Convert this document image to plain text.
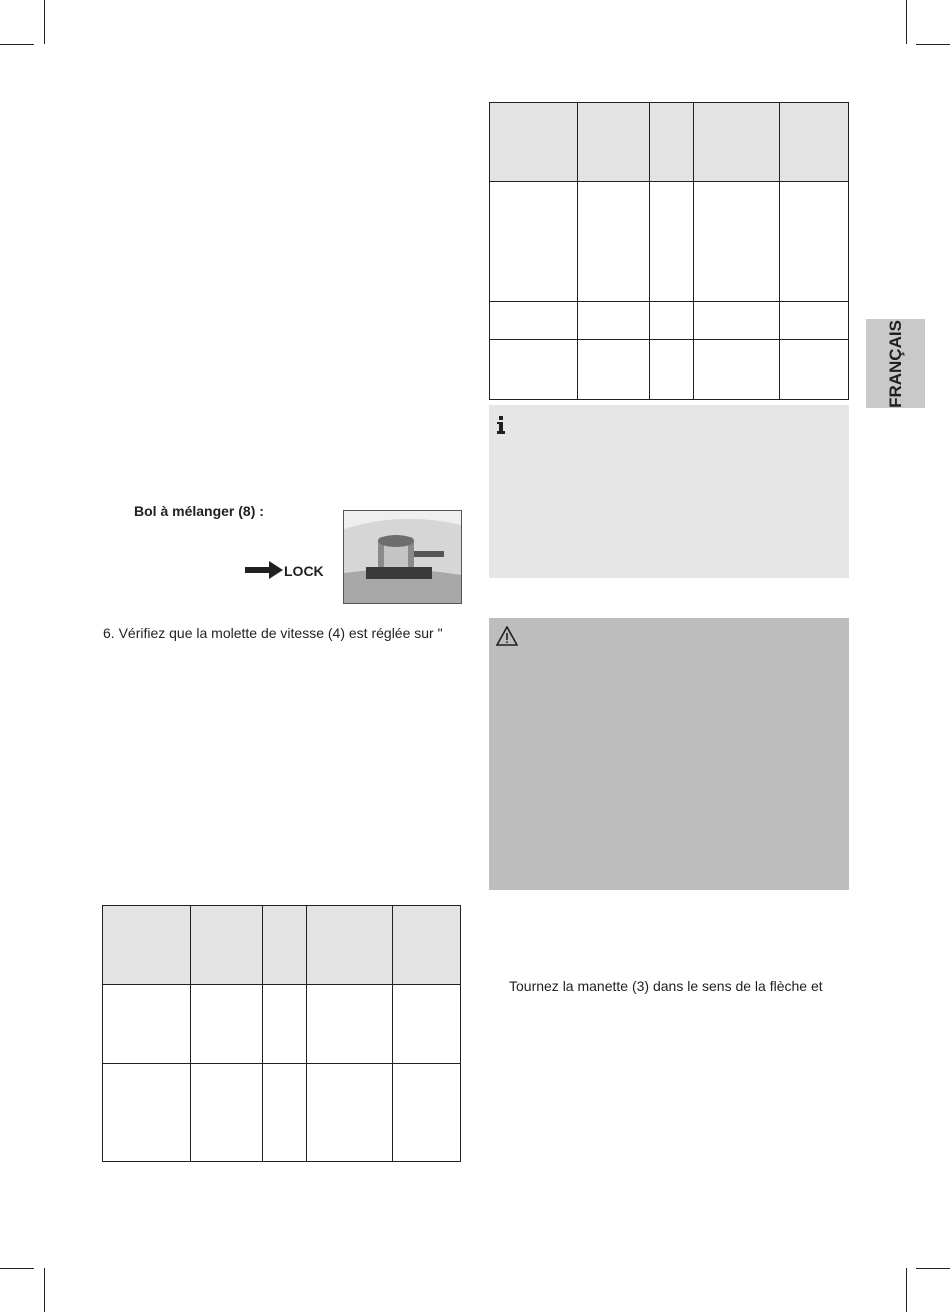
FRANÇAIS
Bol à mélanger (8) :
LOCK
6. Vérifiez que la molette de vitesse (4) est réglée sur "

Tournez la manette (3) dans le sens de la flèche et
